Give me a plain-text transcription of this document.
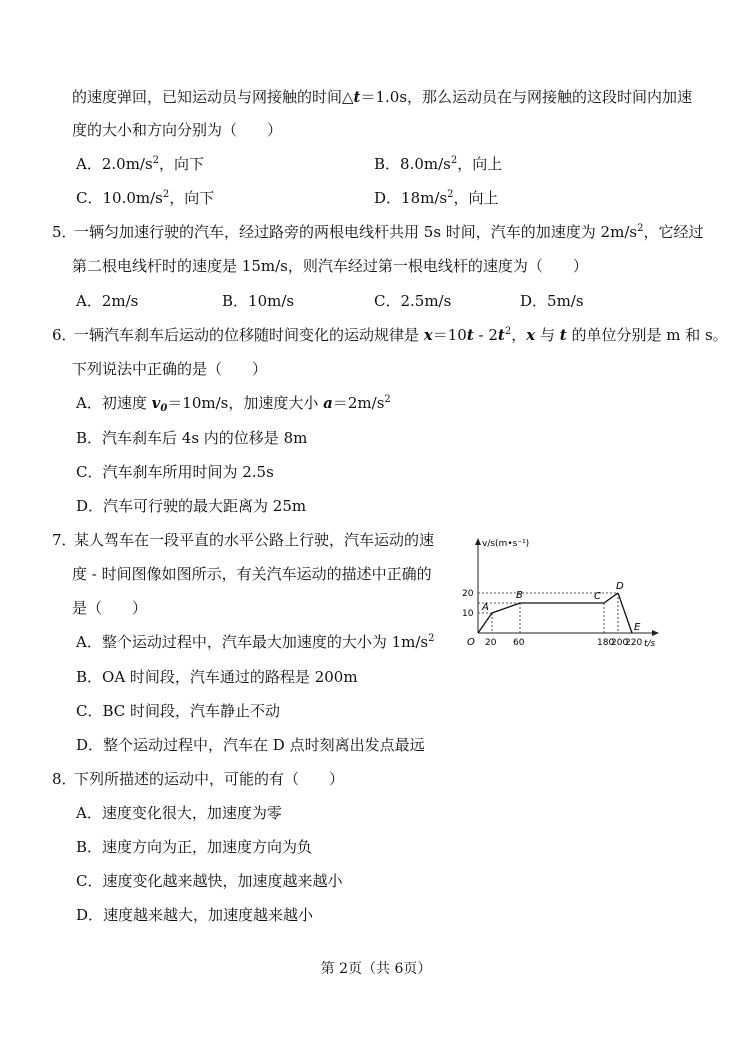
的速度弹回，已知运动员与网接触的时间△t＝1.0s，那么运动员在与网接触的这段时间内加速
度的大小和方向分别为（　　）
A．$2.0m/s^2$，向下	B．$8.0m/s^2$，向上
C．$10.0m/s^2$，向下	D．$18m/s^2$，向上
5．一辆匀加速行驶的汽车，经过路旁的两根电线杆共用 5s 时间，汽车的加速度为 $2m/s^2$，它经过
第二根电线杆时的速度是 15m/s，则汽车经过第一根电线杆的速度为（　　）
A．2m/s	B．10m/s	C．2.5m/s	D．5m/s
6．一辆汽车刹车后运动的位移随时间变化的运动规律是 $x=10t - 2t^2$，x 与 t 的单位分别是 m 和 s。
下列说法中正确的是（　　）
A．初速度 $v_0=10m/s$，加速度大小 $a=2m/s^2$
B．汽车刹车后 4s 内的位移是 8m
C．汽车刹车所用时间为 2.5s
D．汽车可行驶的最大距离为 25m
7．某人驾车在一段平直的水平公路上行驶，汽车运动的速
度 - 时间图像如图所示，有关汽车运动的描述中正确的
是（　　）
A．整个运动过程中，汽车最大加速度的大小为 $1m/s^2$
B．OA 时间段，汽车通过的路程是 200m
C．BC 时间段，汽车静止不动
D．整个运动过程中，汽车在 D 点时刻离出发点最远
v/s(m•s⁻¹)
t/s
O
10
20
20 60	180
200
220
A
B	C
D
E
8．下列所描述的运动中，可能的有（　　）
A．速度变化很大，加速度为零
B．速度方向为正，加速度方向为负
C．速度变化越来越快，加速度越来越小
D．速度越来越大，加速度越来越小
第 2页（共 6页）
